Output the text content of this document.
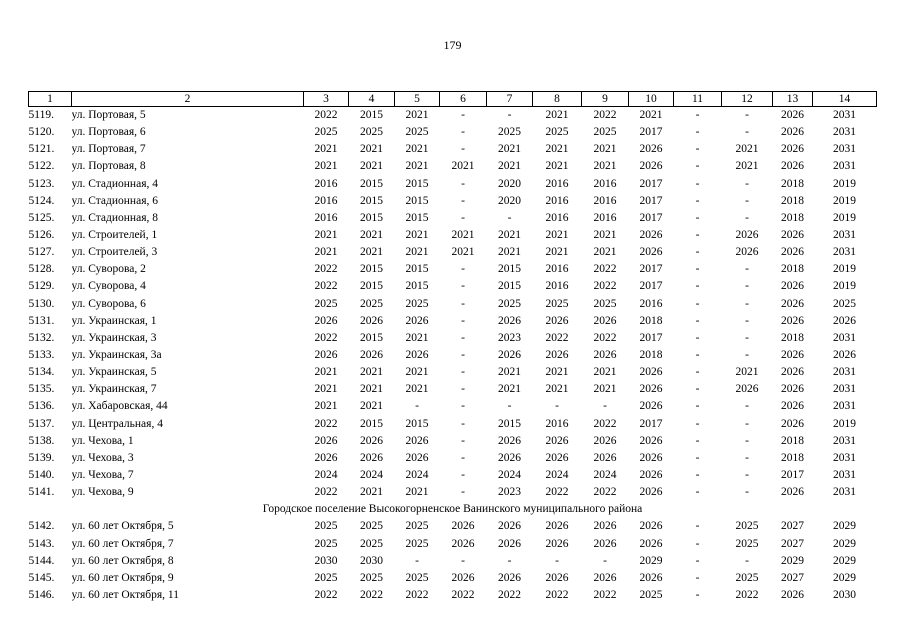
179
1	2	3	4	5	6	7	8	9	10	11	12	13	14
5119.	ул. Портовая, 5	2022	2015	2021	-	-	2021	2022	2021	-	-	2026	2031
5120.	ул. Портовая, 6	2025	2025	2025	-	2025	2025	2025	2017	-	-	2026	2031
5121.	ул. Портовая, 7	2021	2021	2021	-	2021	2021	2021	2026	-	2021	2026	2031
5122.	ул. Портовая, 8	2021	2021	2021	2021	2021	2021	2021	2026	-	2021	2026	2031
5123.	ул. Стадионная, 4	2016	2015	2015	-	2020	2016	2016	2017	-	-	2018	2019
5124.	ул. Стадионная, 6	2016	2015	2015	-	2020	2016	2016	2017	-	-	2018	2019
5125.	ул. Стадионная, 8	2016	2015	2015	-	-	2016	2016	2017	-	-	2018	2019
5126.	ул. Строителей, 1	2021	2021	2021	2021	2021	2021	2021	2026	-	2026	2026	2031
5127.	ул. Строителей, 3	2021	2021	2021	2021	2021	2021	2021	2026	-	2026	2026	2031
5128.	ул. Суворова, 2	2022	2015	2015	-	2015	2016	2022	2017	-	-	2018	2019
5129.	ул. Суворова, 4	2022	2015	2015	-	2015	2016	2022	2017	-	-	2026	2019
5130.	ул. Суворова, 6	2025	2025	2025	-	2025	2025	2025	2016	-	-	2026	2025
5131.	ул. Украинская, 1	2026	2026	2026	-	2026	2026	2026	2018	-	-	2026	2026
5132.	ул. Украинская, 3	2022	2015	2021	-	2023	2022	2022	2017	-	-	2018	2031
5133.	ул. Украинская, 3а	2026	2026	2026	-	2026	2026	2026	2018	-	-	2026	2026
5134.	ул. Украинская, 5	2021	2021	2021	-	2021	2021	2021	2026	-	2021	2026	2031
5135.	ул. Украинская, 7	2021	2021	2021	-	2021	2021	2021	2026	-	2026	2026	2031
5136.	ул. Хабаровская, 44	2021	2021	-	-	-	-	-	2026	-	-	2026	2031
5137.	ул. Центральная, 4	2022	2015	2015	-	2015	2016	2022	2017	-	-	2026	2019
5138.	ул. Чехова, 1	2026	2026	2026	-	2026	2026	2026	2026	-	-	2018	2031
5139.	ул. Чехова, 3	2026	2026	2026	-	2026	2026	2026	2026	-	-	2018	2031
5140.	ул. Чехова, 7	2024	2024	2024	-	2024	2024	2024	2026	-	-	2017	2031
5141.	ул. Чехова, 9	2022	2021	2021	-	2023	2022	2022	2026	-	-	2026	2031
Городское поселение Высокогорненское Ванинского муниципального района													
5142.	ул. 60 лет Октября, 5	2025	2025	2025	2026	2026	2026	2026	2026	-	2025	2027	2029
5143.	ул. 60 лет Октября, 7	2025	2025	2025	2026	2026	2026	2026	2026	-	2025	2027	2029
5144.	ул. 60 лет Октября, 8	2030	2030	-	-	-	-	-	2029	-	-	2029	2029
5145.	ул. 60 лет Октября, 9	2025	2025	2025	2026	2026	2026	2026	2026	-	2025	2027	2029
5146.	ул. 60 лет Октября, 11	2022	2022	2022	2022	2022	2022	2022	2025	-	2022	2026	2030
